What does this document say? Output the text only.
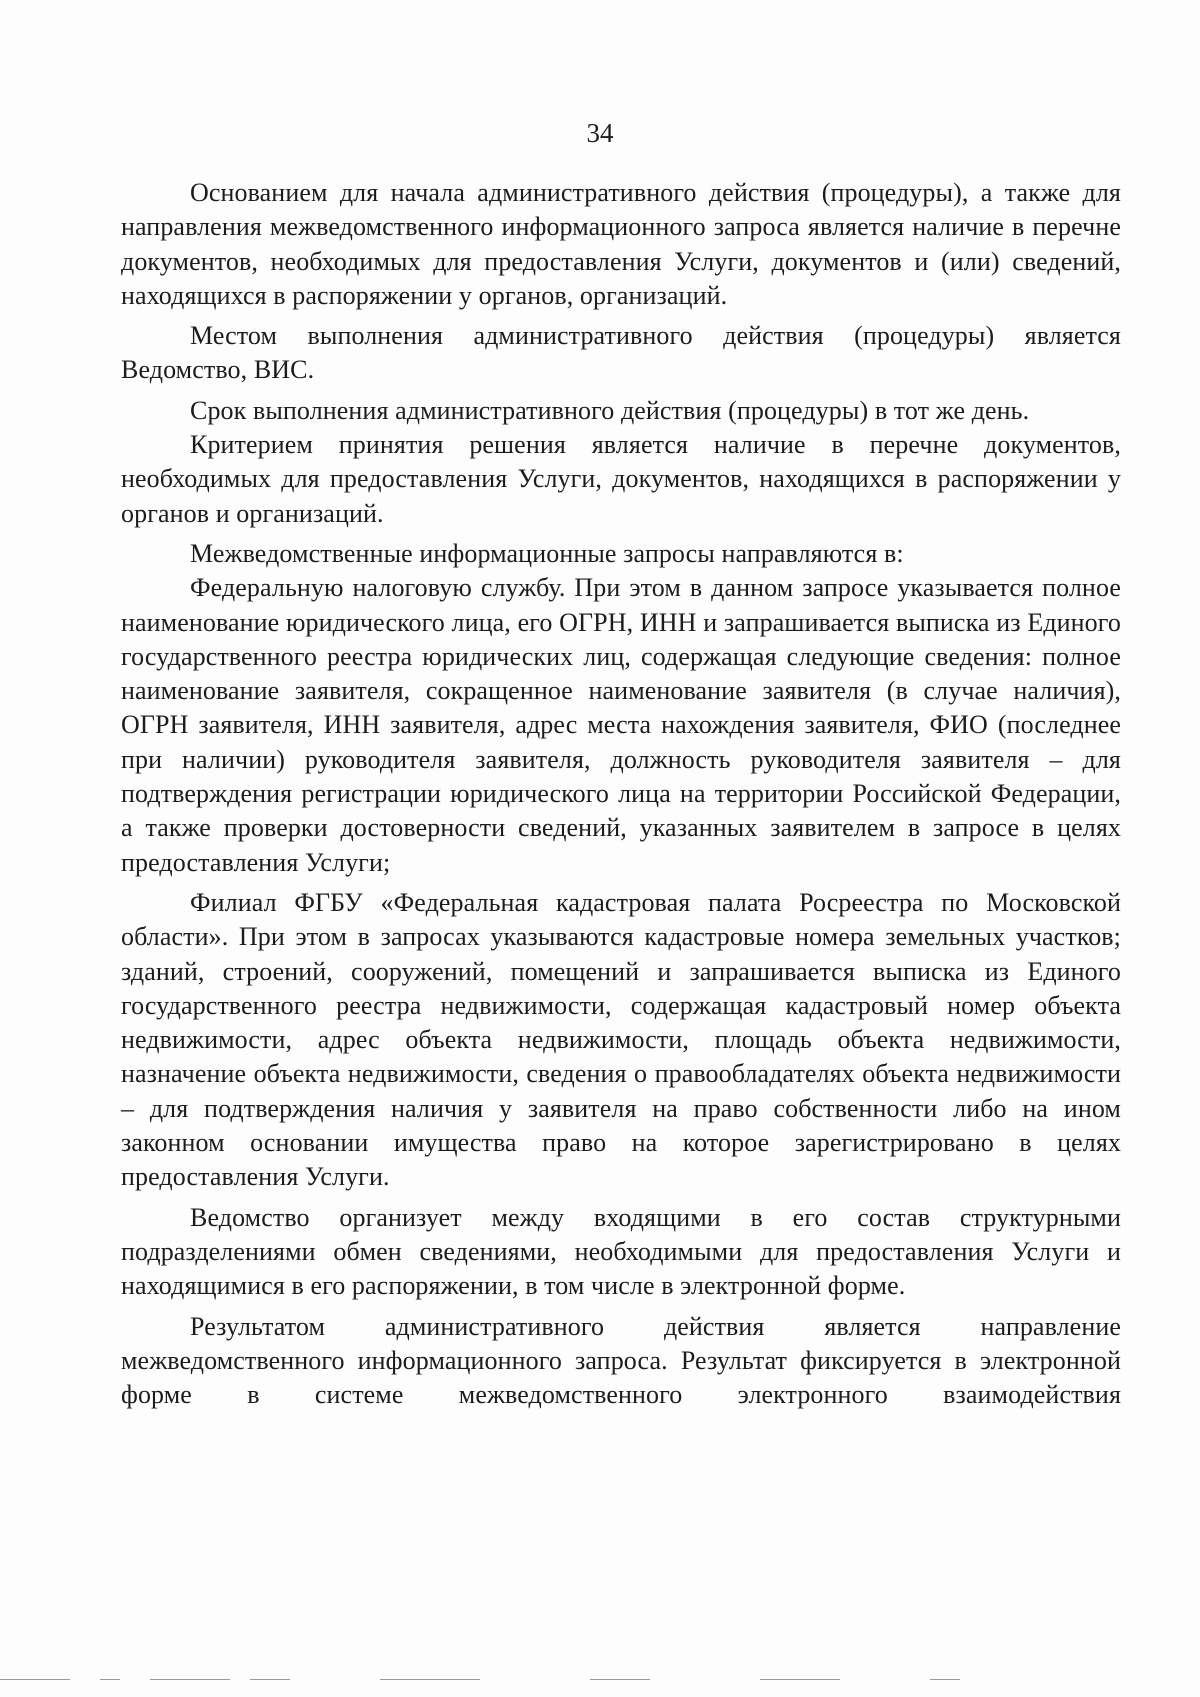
34

Основанием для начала административного действия (процедуры), а также для направления межведомственного информационного запроса является наличие в перечне документов, необходимых для предоставления Услуги, документов и (или) сведений, находящихся в распоряжении у органов, организаций.

Местом выполнения административного действия (процедуры) является Ведомство, ВИС.

Срок выполнения административного действия (процедуры) в тот же день.

Критерием принятия решения является наличие в перечне документов, необходимых для предоставления Услуги, документов, находящихся в распоряжении у органов и организаций.

Межведомственные информационные запросы направляются в:

Федеральную налоговую службу. При этом в данном запросе указывается полное наименование юридического лица, его ОГРН, ИНН и запрашивается выписка из Единого государственного реестра юридических лиц, содержащая следующие сведения: полное наименование заявителя, сокращенное наименование заявителя (в случае наличия), ОГРН заявителя, ИНН заявителя, адрес места нахождения заявителя, ФИО (последнее при наличии) руководителя заявителя, должность руководителя заявителя – для подтверждения регистрации юридического лица на территории Российской Федерации, а также проверки достоверности сведений, указанных заявителем в запросе в целях предоставления Услуги;

Филиал ФГБУ «Федеральная кадастровая палата Росреестра по Московской области». При этом в запросах указываются кадастровые номера земельных участков; зданий, строений, сооружений, помещений и запрашивается выписка из Единого государственного реестра недвижимости, содержащая кадастровый номер объекта недвижимости, адрес объекта недвижимости, площадь объекта недвижимости, назначение объекта недвижимости, сведения о правообладателях объекта недвижимости – для подтверждения наличия у заявителя на право собственности либо на ином законном основании имущества право на которое зарегистрировано в целях предоставления Услуги.

Ведомство организует между входящими в его состав структурными подразделениями обмен сведениями, необходимыми для предоставления Услуги и находящимися в его распоряжении, в том числе в электронной форме.

Результатом административного действия является направление межведомственного информационного запроса. Результат фиксируется в электронной форме в системе межведомственного электронного взаимодействия
